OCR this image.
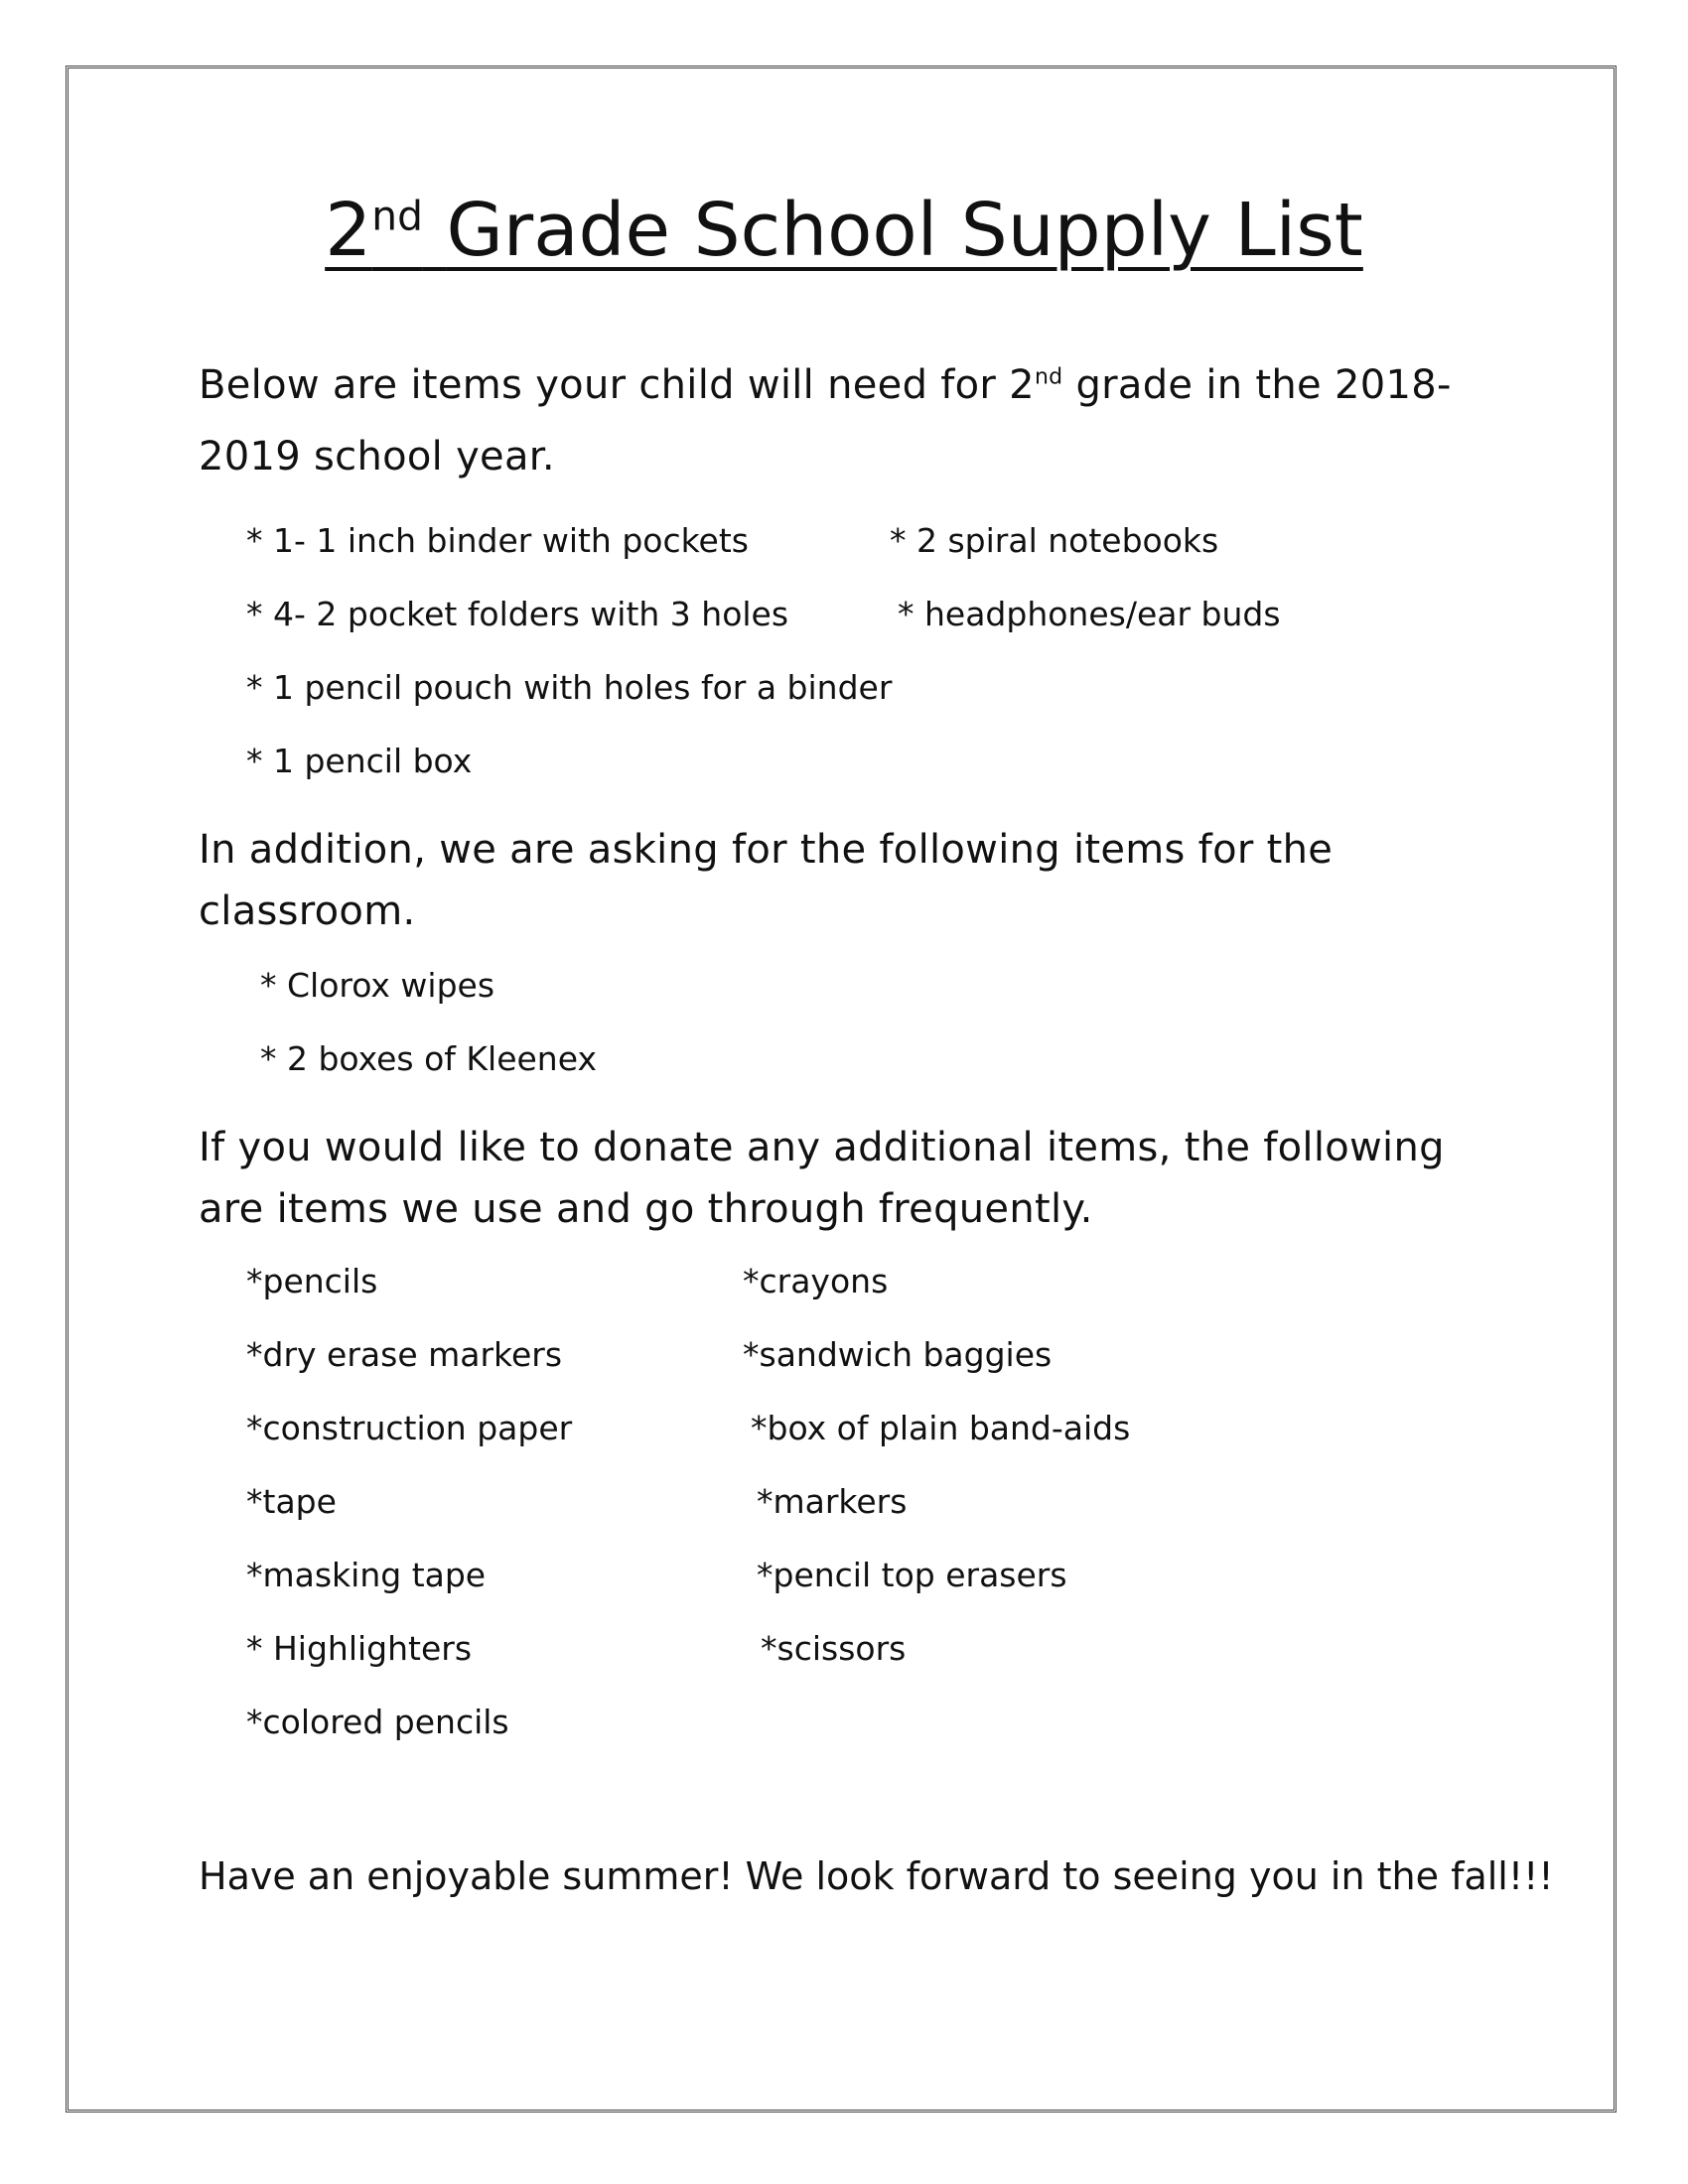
2nd Grade School Supply List
Below are items your child will need for 2nd grade in the 2018-
2019 school year.
* 1- 1 inch binder with pockets
* 4- 2 pocket folders with 3 holes
* 1 pencil pouch with holes for a binder
* 1 pencil box
* 2 spiral notebooks
* headphones/ear buds
In addition, we are asking for the following items for the
classroom.
* Clorox wipes
* 2 boxes of Kleenex
If you would like to donate any additional items, the following
are items we use and go through frequently.
*pencils
*dry erase markers
*construction paper
*tape
*masking tape
* Highlighters
*colored pencils
*crayons
*sandwich baggies
*box of plain band-aids
*markers
*pencil top erasers
*scissors
Have an enjoyable summer! We look forward to seeing you in the fall!!!
